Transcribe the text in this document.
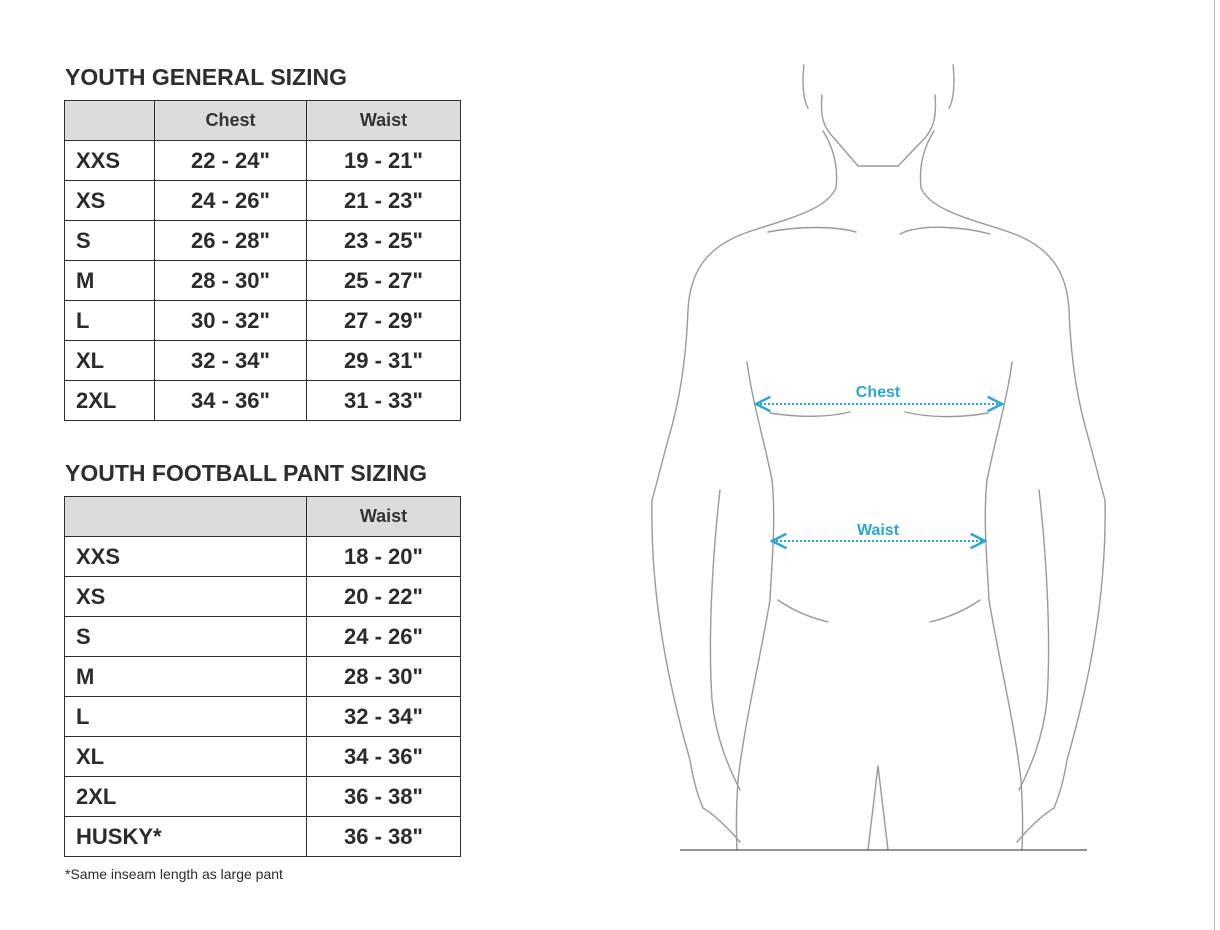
YOUTH GENERAL SIZING
	Chest	Waist
XXS	22 - 24"	19 - 21"
XS	24 - 26"	21 - 23"
S	26 - 28"	23 - 25"
M	28 - 30"	25 - 27"
L	30 - 32"	27 - 29"
XL	32 - 34"	29 - 31"
2XL	34 - 36"	31 - 33"
YOUTH FOOTBALL PANT SIZING
	Waist
XXS	18 - 20"
XS	20 - 22"
S	24 - 26"
M	28 - 30"
L	32 - 34"
XL	34 - 36"
2XL	36 - 38"
HUSKY*	36 - 38"
*Same inseam length as large pant
Chest
Waist
